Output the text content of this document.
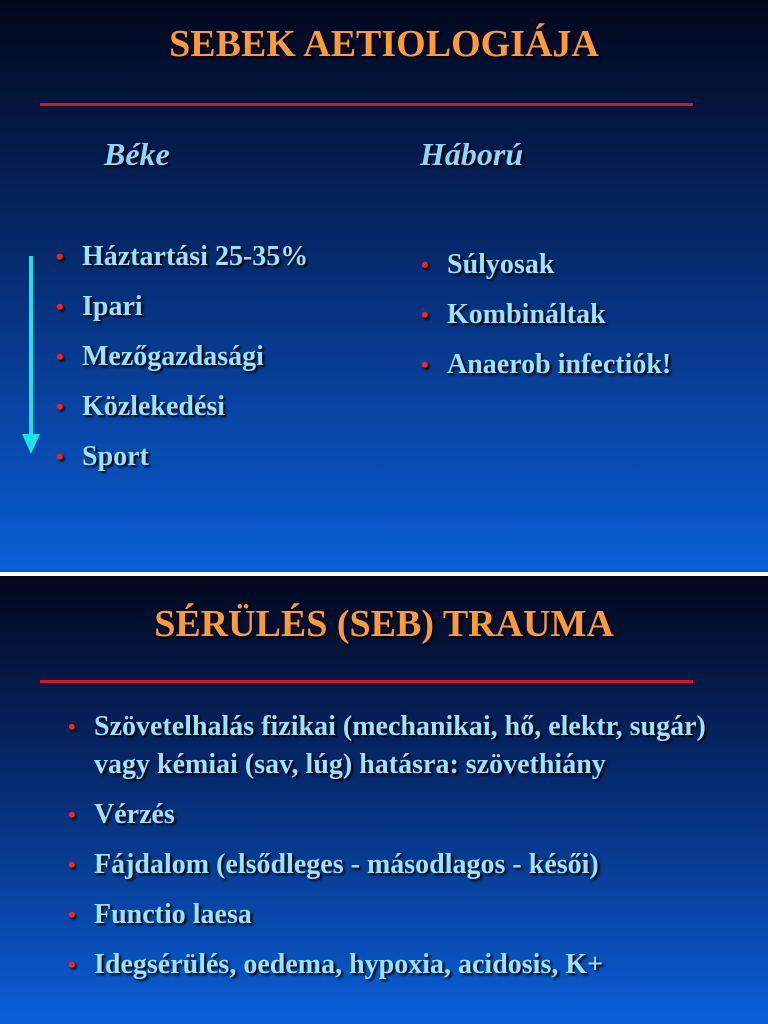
SEBEK AETIOLOGIÁJA
Béke	Háború
• Háztartási 25-35%
• Ipari
• Mezőgazdasági
• Közlekedési
• Sport
• Súlyosak
• Kombináltak
• Anaerob infectiók!
SÉRÜLÉS (SEB) TRAUMA
• Szövetelhalás fizikai (mechanikai, hő, elektr, sugár) vagy kémiai (sav, lúg) hatásra: szövethiány
• Vérzés
• Fájdalom (elsődleges - másodlagos - késői)
• Functio laesa
• Idegsérülés, oedema, hypoxia, acidosis, K+
